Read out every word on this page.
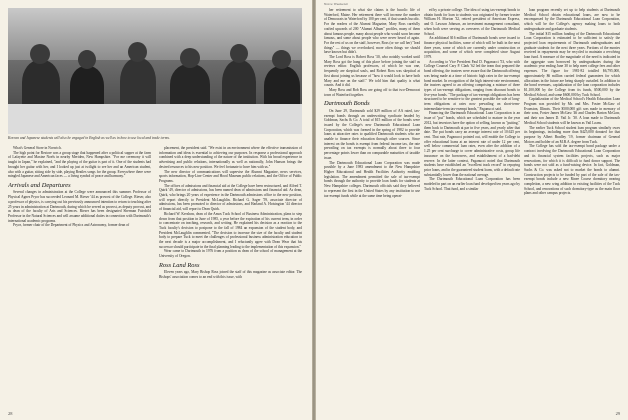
Korean and Japanese students will also be engaged in English as well as in how to use local and trade terms.

What's General Store in Norwich.

The high point for Restore was a group stage that happened after a political supper at the farm of Lafayette and Maxine Noels in nearby Meriden, New Hampshire. "For me ceremony it will taught in Japan," he explained, "and the playing of the guitar is part of it. One of the students had brought her guitar with her, and I looked up just at twilight to see her and an American student, also with a guitar, sitting side by side, playing Beatles songs for the group. Everywhere there were mingled Japanese and American faces — a living symbol of peace and harmony."

Arrivals and Departures

Several changes in administration at the College were announced this summer. Professor of Physical Agnes Pryor has succeeded Leonard M. Rieser '44 as provost of the College. Rieser, also a professor of physics, is carrying out his previously announced intention to return to teaching after 25 years in administration at Dartmouth, during which he served as provost, as deputy provost, and as dean of the faculty of Arts and Sciences. Rieser has been designated Sherman Fairchild Professor in the Natural Sciences and will assume additional duties in connection with Dartmouth's international academic programs.

Pryor, former chair of the Department of Physics and Astronomy, former dean of

placement, the president said. "We exist in an environment where the effective transmission of information and ideas is essential to achieving our purposes. In response a professional approach combined with a deep understanding of the nature of the institution. With his broad experience in advertising and public relations, internationally as well as nationally, John Hanson brings the desired resources to his new position. We feel fortunate to have him with us."

The new director of communications will supervise the Alumni Magazine, news services, sports information, Hop-Line Center and Hood Museum public relations, and the Office of Public Programs.

The offices of admissions and financial aid at the College have been restructured, and Alfred T. Quirk '49, director of admissions, has been named dean of admissions and financial aid. As dean, Quirk, who brings 20 years of experience in the Dartmouth admissions office to the new position, will report directly to President McLaughlin. Richard G. Sager '59, associate director of admissions, has been promoted to director of admissions, and Harland A. Hoisington '44 director of financial aid, will report to Dean Quirk.

Richard W. Kershaw, dean of the Amos Tuck School of Business Administration, plans to step down from that position in June of 1985, a year before the expiration of his current term, in order to concentrate on teaching, research, and writing. He explained his decision as a reaction to the Tuck faculty's decision to postpone to the fall of 1984 an expansion of the student body, and President McLaughlin commented, "The decision to increase the size of the faculty and student body to prepare Tuck to meet the challenges of professional business administration education in the next decade is a major accomplishment, and I reluctantly agree with Dean Wear that his successor should participate in the final planning leading to the implementation of this expansion."

Wear came to Dartmouth in 1976 from a position as dean of the school of management at the University of Oregon.

Ross Land Ross

Eleven years ago, Mary Bishop Ross joined the staff of this magazine as associate editor. The Bishops' association comes to an end with this issue, with

28
Notre Weekend

her retirement to what she claims is the bucolic life of Waterford, Maine. Her retirement there will increase the number of Democrats in Waterford by 100 per cent, if that sounds bucolic. For the readers of the Alumni Magazine, Mary Ross carefully crafted upwards of 200 "Alumni Album" profiles, many of them about famous people, many about people who would soon become famous, and some about people who were never heard of again. For the rest of us on the staff, however, Ross (or we call her) "lead things" — things we overlooked, more often things we should have known but didn't.

The Lord Ross is Robert Ross '30, who notably worked until Mary Ross got the hang of this place before joining the staff as reviews editor. English professors, of which he was one, frequently are skeptical souls, and Robert Ross was skeptical at first about joining us because of "how it would look to have both Mary and me on the staff." We told him that quality is what counts. And it did.

Mary Ross and Bob Ross are going off to that two-Democrat town of Waterford together.

Dartmouth Bonds

On June 29, Dartmouth sold $29 million of AA rated, tax-exempt bonds through an underwriting syndicate headed by Goldman, Sachs & Co. A total of $15 million of the bonds were issued by the College's new Dartmouth Educational Loan Corporation, which was formed in the spring of 1982 to provide loans at attractive rates to qualified Dartmouth students who are unable to finance their education through other sources. Since interest on the bonds is exempt from federal income tax, the rate prevailing on tax exempts is normally about three to four percentage points lower than on comparable maturities of taxable issue.

The Dartmouth Educational Loan Corporation was made possible by a June 1983 amendment to the New Hampshire Higher Educational and Health Facilities Authority enabling legislation. The amendment permitted the sale of tax-exempt bonds through the authority to provide loan funds for students at New Hampshire colleges. Dartmouth officials said they believed to represent the first in the United States by any institution to use tax-exempt funds while at the same time being operat-

ed by a private college. The idea of using tax-exempt bonds to obtain funds for loan to students was originated by former trustee William H. Morton '32, retired president of American Express, and O. Lawson Johnson, an investment management consultant, when both were serving as overseers of the Dartmouth Medical School.

An additional $16 million of Dartmouth bonds were issued to finance physical facilities, some of which will be built in the next three years, some of which are currently under construction or acquisition, and some of which were completed since August 1979.

According to Vice President Paul D. Paganucci '53, who with College Counsel Cary P. Clark '62 led the team that prepared the bond offering, the trustees were aware that the Dartmouth offering was being made at a time of historic high rates in the tax-exempt bond market. In recognition of the high interest-rate environment, the trustees agreed to an offering comprising a mixture of three types of tax-exempt obligations, ranging from discount bonds to five-year bonds. "The package of tax-exempt obligations has been structured to be sensitive to the greatest possible the sale of long-term obligations at rates now prevailing on short-term-intermediate-term tax-exempt bonds," Paganucci said.

Financing the Dartmouth Educational Loan Corporation is an issue of "put" bonds, which are scheduled to mature in the year 2012, but investors have the option of selling, known as "putting," them back to Dartmouth at par in five years, and yearly after that date. The put bonds carry an average interest rate of 10.625 per cent. That rate, Paganucci pointed out, will enable the College to offer educational loans at an interest rate of under 12 per cent, well below commercial loan rates, even after the addition of a 1.25 per cent surcharge to cover administrative costs, group life insurance on the borrowers, and establishment of a bad-debt reserve. In the latter context, Paganucci noted that Dartmouth students have established an "excellent track record" in repaying prior loans, and in the guaranteed student loans, with a default rate substantially lower than the national average.

The Dartmouth Educational Loan Corporation has been modeled in part on an earlier loan fund developed ten years ago by Tuck School. That fund, and a similar

loan program recently set up to help students at Dartmouth Medical School obtain educational loans, are now to be encompassed by the Dartmouth Educational Loan Corporation, which will be the College's agency making loans to both undergraduate and graduate students.

The initial $15 million funding of the Dartmouth Educational Loan Corporation is estimated to be sufficient to satisfy the projected loan requirements of Dartmouth undergraduates and graduate students for the next three years. Portions of the monies received in repayments may be recycled to maintain a revolving loan fund. A measure of the magnitude of the need is indicated in the aggregate sum borrowed by undergraduates during the academic year ending June 30 to help meet college fees and other expenses. The figure for 1981-82 totalled $6,795,000, approximately $6 million carried federal guarantees for which allocations in the future are being sharply curtailed. In addition to the bond revenues, capitalization of the loan corporation includes $1,100,000 by the College from its funds, $500,000 by the Medical School, and some $600,000 by Tuck School.

Capitalization of the Medical School's Health Education Loan Program was provided by Mr. and Mrs. Foster McGaw of Evanston, Illinois. Their $500,000 gift was made in memory of their sons, Foster James McGaw '46 and Charles Barton McGaw, and their son James D. Vail Jr. '30. A loan made to Dartmouth Medical School students will be known as Vail Loans.

The earlier Tuck School student loan program similarly owes its beginnings, including more than $425,000 donated for that purpose by Albert Bradley '19, former chairman of General Motors and holder of an M.B.A. degree from Tuck.

The College has sold the tax-exempt bond package under a contract involving the Dartmouth Educational Loan Corporation and its financial system facilities projects, such as major renovations, for which it is difficult to fund donor support. The bonds were not sold as a fund-raising device. In fact, Goldman, Sachs & Co. was asked not to market the bonds to alumni. Construction projects to be funded by part of the sale of the tax-exempt bonds include a new Rinee Course dormitory nearing completion, a new wing addition to existing facilities of the Tuck School, and renovations of such dormitory-type as the main floor plans and other campus projects.

29
